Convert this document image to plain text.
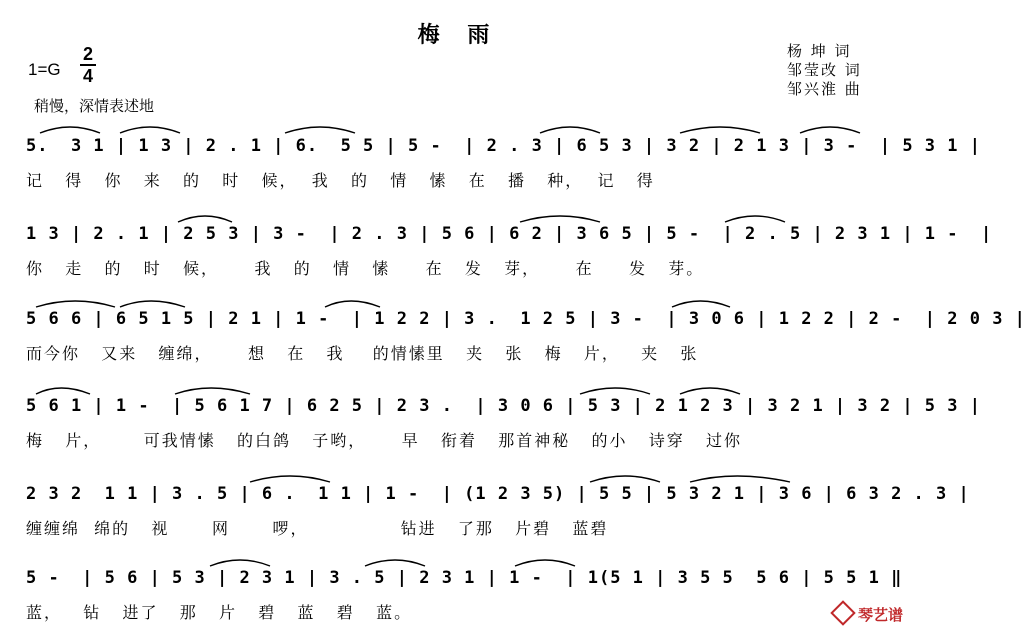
梅 雨
1=G
2
4
稍慢，深情表述地
杨 坤 词
邹莹改 词
邹兴淮 曲
5.  3 1 | 1 3 | 2 . 1 | 6.  5 5 | 5 -  | 2 . 3 | 6 5 3 | 3 2 | 2 1 3 | 3 -  | 5 3 1 |
记   得   你   来   的   时   候，  我   的   情   愫   在   播   种，  记   得
1 3 | 2 . 1 | 2 5 3 | 3 -  | 2 . 3 | 5 6 | 6 2 | 3 6 5 | 5 -  | 2 . 5 | 2 3 1 | 1 -  |
你   走   的   时   候，     我   的   情   愫     在   发   芽，     在     发   芽。
5 6 6 | 6 5 1 5 | 2 1 | 1 -  | 1 2 2 | 3 .  1 2 5 | 3 -  | 3 0 6 | 1 2 2 | 2 -  | 2 0 3 |
而今你   又来   缠绵，     想   在   我    的情愫里   夹   张   梅   片，   夹   张
5 6 1 | 1 -  | 5 6 1 7 | 6 2 5 | 2 3 .  | 3 0 6 | 5 3 | 2 1 2 3 | 3 2 1 | 3 2 | 5 3 |
梅   片，      可我情愫   的白鸽   子哟，     早   衔着   那首神秘   的小   诗穿   过你
2 3 2  1 1 | 3 . 5 | 6 .  1 1 | 1 -  | (1 2 3 5) | 5 5 | 5 3 2 1 | 3 6 | 6 3 2 . 3 |
缠缠绵  绵的   视      网      啰，             钻进   了那   片碧   蓝碧
5 -  | 5 6 | 5 3 | 2 3 1 | 3 . 5 | 2 3 1 | 1 -  | 1(5 1 | 3 5 5  5 6 | 5 5 1 ‖
蓝，   钻   进了   那   片   碧   蓝   碧   蓝。	琴艺谱
